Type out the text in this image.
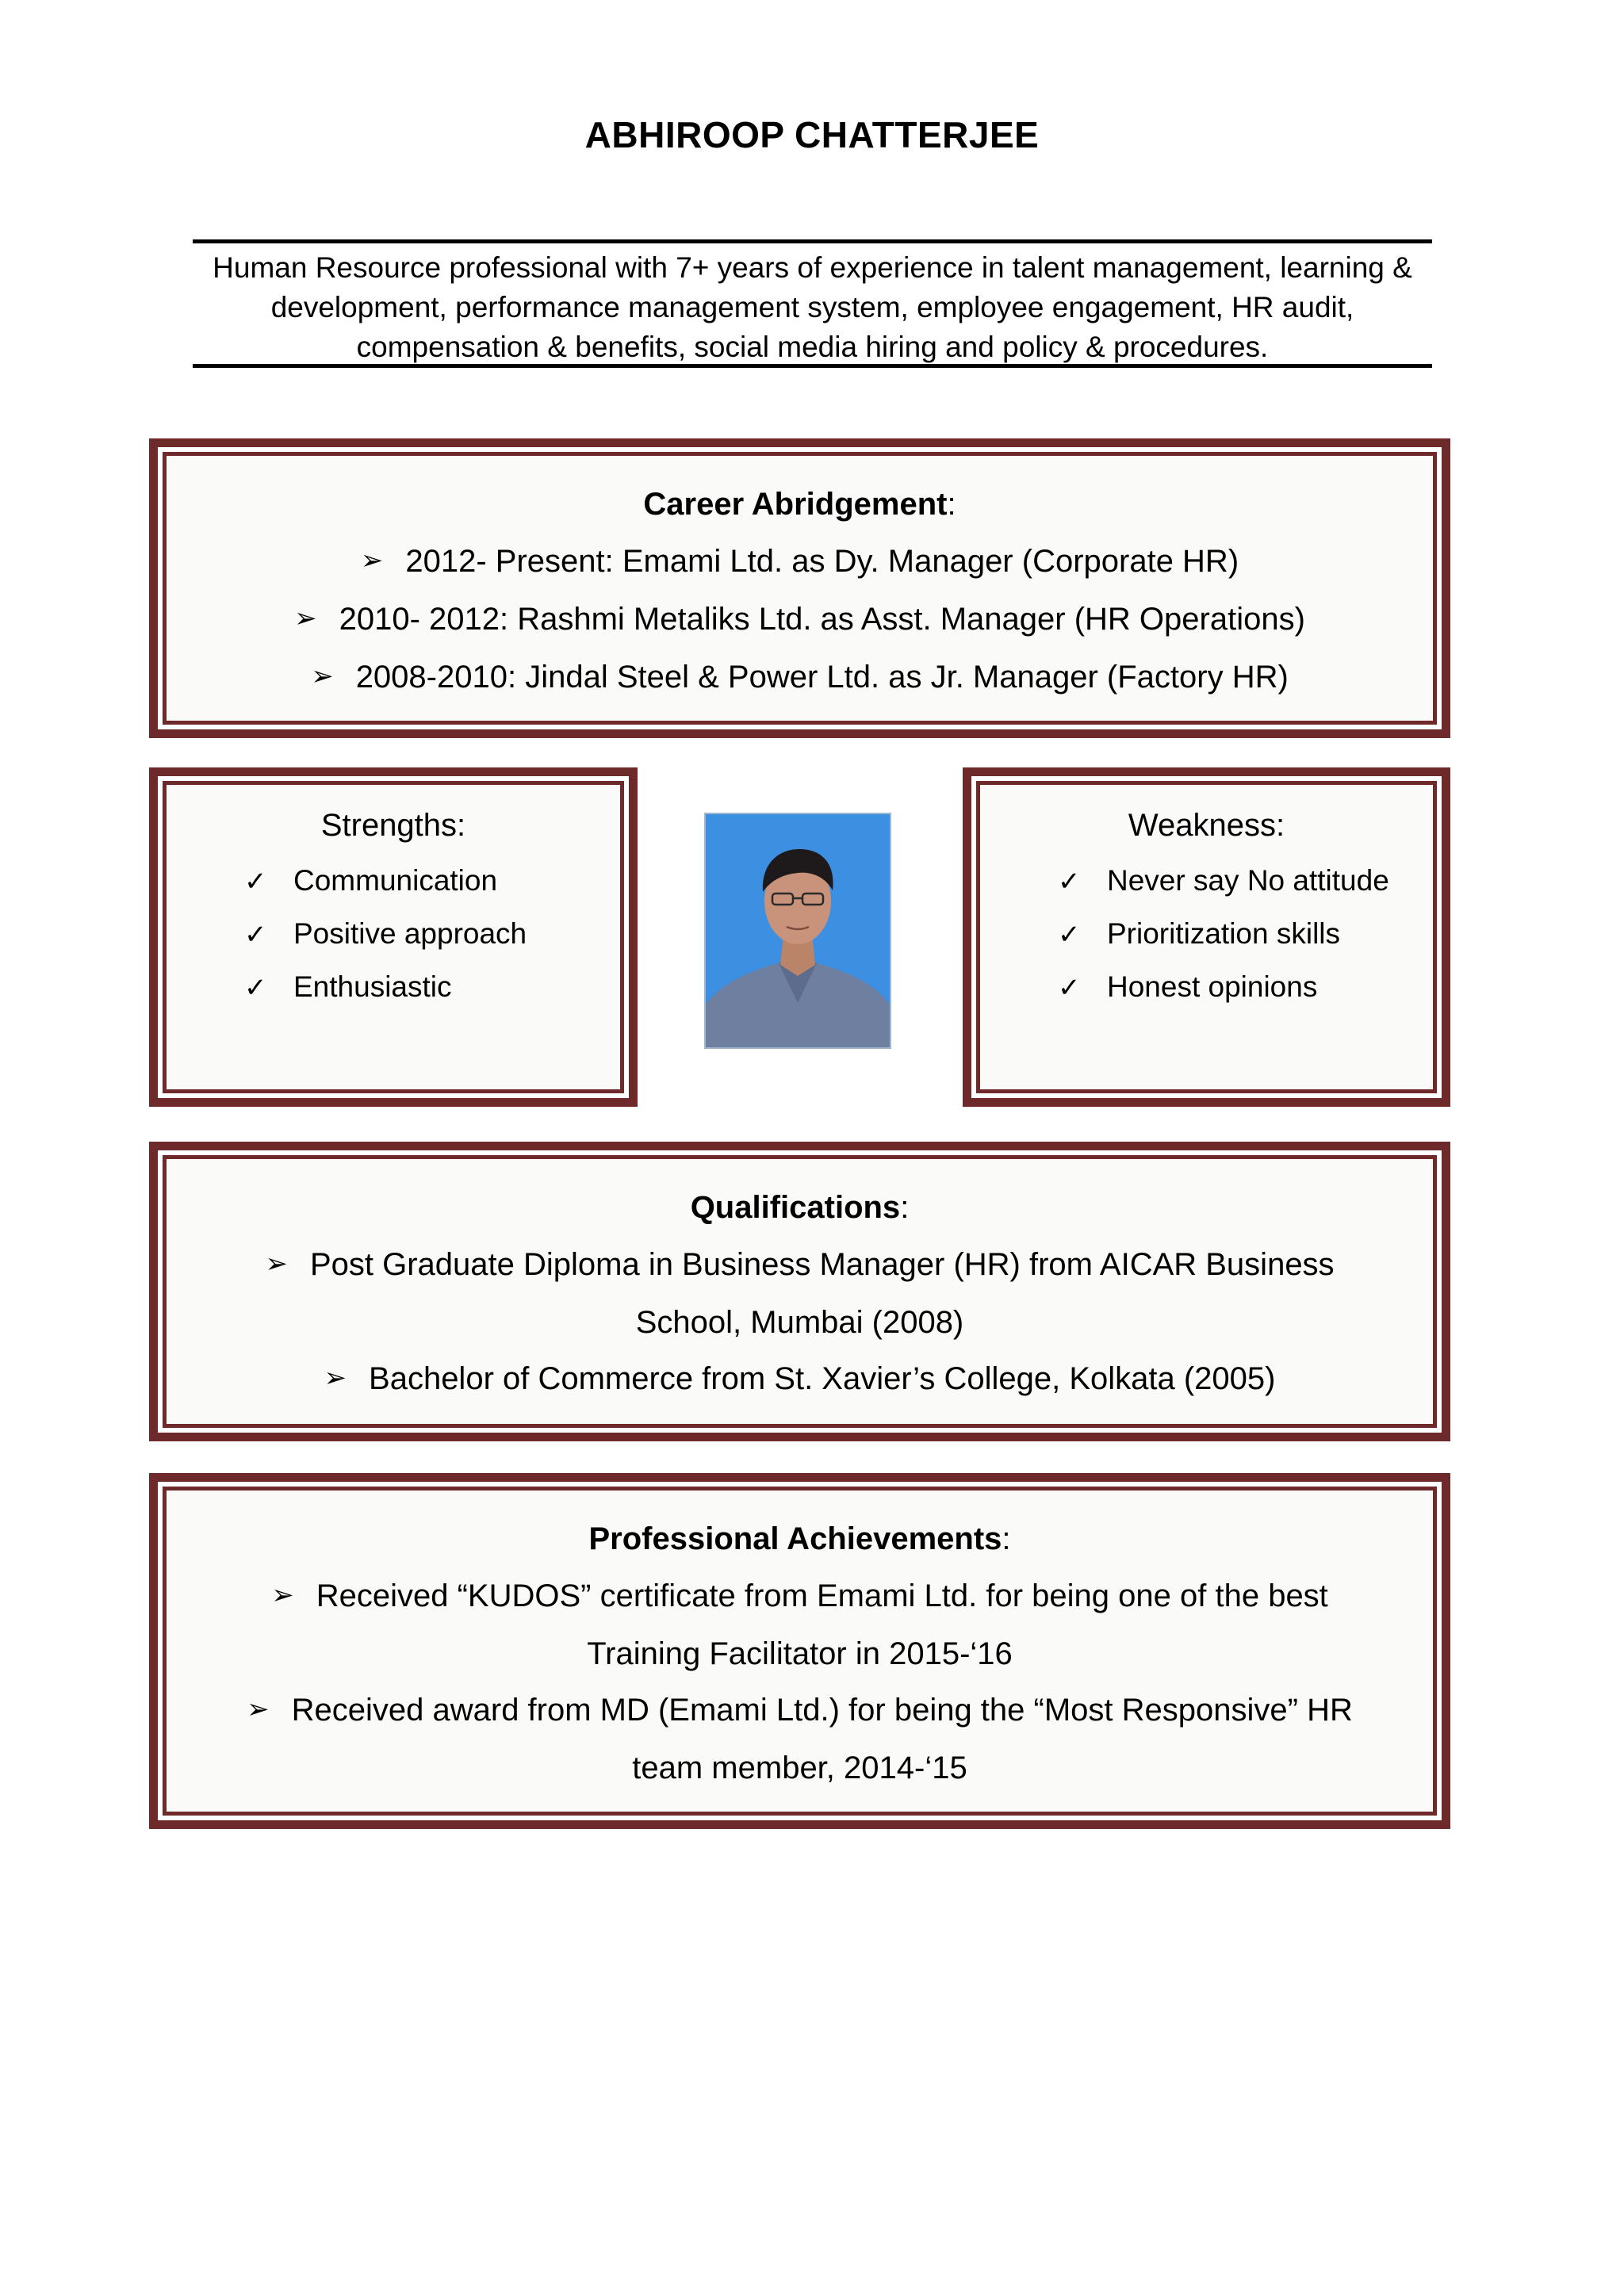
ABHIROOP CHATTERJEE
Human Resource professional with 7+ years of experience in talent management, learning &
development, performance management system, employee engagement, HR audit,
compensation & benefits, social media hiring and policy & procedures.
Career Abridgement:
➢ 2012- Present: Emami Ltd. as Dy. Manager (Corporate HR)
➢ 2010- 2012: Rashmi Metaliks Ltd. as Asst. Manager (HR Operations)
➢ 2008-2010: Jindal Steel & Power Ltd. as Jr. Manager (Factory HR)
Strengths:
✓ Communication
✓ Positive approach
✓ Enthusiastic
Weakness:
✓ Never say No attitude
✓ Prioritization skills
✓ Honest opinions
Qualifications:
➢ Post Graduate Diploma in Business Manager (HR) from AICAR Business
School, Mumbai (2008)
➢ Bachelor of Commerce from St. Xavier’s College, Kolkata (2005)
Professional Achievements:
➢ Received “KUDOS” certificate from Emami Ltd. for being one of the best
Training Facilitator in 2015-‘16
➢ Received award from MD (Emami Ltd.) for being the “Most Responsive” HR
team member, 2014-‘15
